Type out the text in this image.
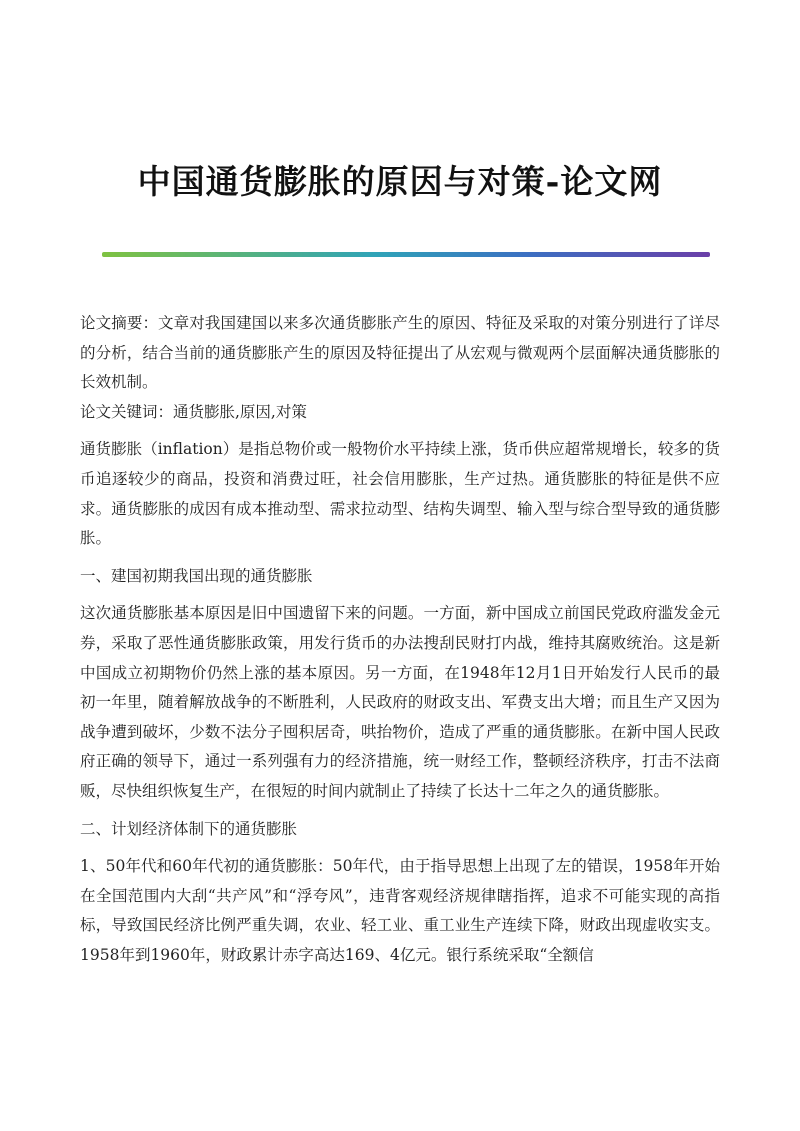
中国通货膨胀的原因与对策-论文网

论文摘要：文章对我国建国以来多次通货膨胀产生的原因、特征及采取的对策分别进行了详尽的分析，结合当前的通货膨胀产生的原因及特征提出了从宏观与微观两个层面解决通货膨胀的长效机制。

论文关键词：通货膨胀,原因,对策

通货膨胀（inflation）是指总物价或一般物价水平持续上涨，货币供应超常规增长，较多的货币追逐较少的商品，投资和消费过旺，社会信用膨胀，生产过热。通货膨胀的特征是供不应求。通货膨胀的成因有成本推动型、需求拉动型、结构失调型、输入型与综合型导致的通货膨胀。

一、建国初期我国出现的通货膨胀

这次通货膨胀基本原因是旧中国遗留下来的问题。一方面，新中国成立前国民党政府滥发金元券，采取了恶性通货膨胀政策，用发行货币的办法搜刮民财打内战，维持其腐败统治。这是新中国成立初期物价仍然上涨的基本原因。另一方面，在1948年12月1日开始发行人民币的最初一年里，随着解放战争的不断胜利，人民政府的财政支出、军费支出大增；而且生产又因为战争遭到破坏，少数不法分子囤积居奇，哄抬物价，造成了严重的通货膨胀。在新中国人民政府正确的领导下，通过一系列强有力的经济措施，统一财经工作，整顿经济秩序，打击不法商贩，尽快组织恢复生产，在很短的时间内就制止了持续了长达十二年之久的通货膨胀。

二、计划经济体制下的通货膨胀

1、50年代和60年代初的通货膨胀：50年代，由于指导思想上出现了左的错误，1958年开始在全国范围内大刮“共产风”和“浮夸风”，违背客观经济规律瞎指挥，追求不可能实现的高指标，导致国民经济比例严重失调，农业、轻工业、重工业生产连续下降，财政出现虚收实支。1958年到1960年，财政累计赤字高达169、4亿元。银行系统采取“全额信
